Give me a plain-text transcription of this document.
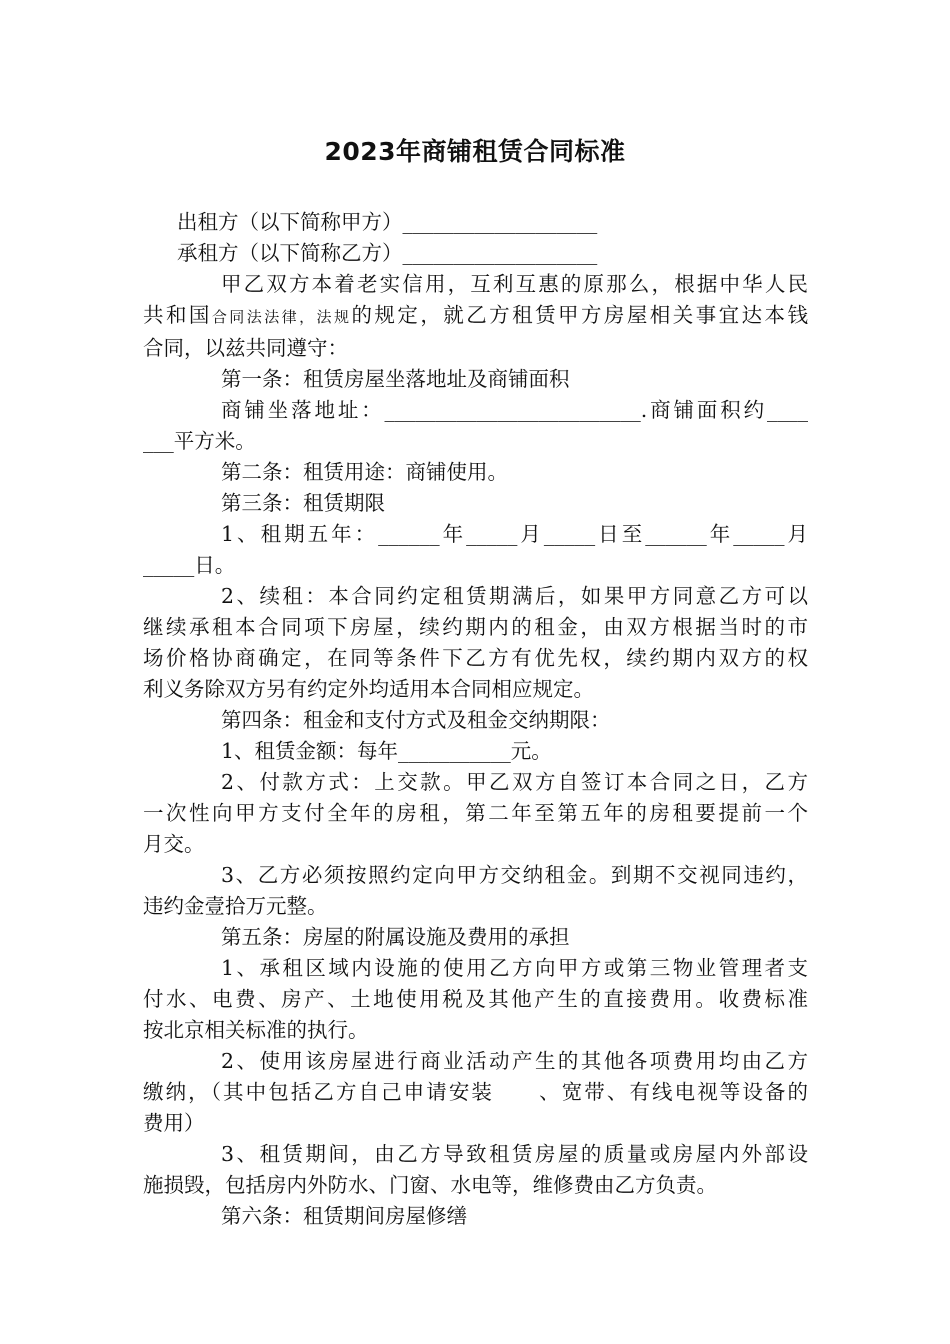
2023年商铺租赁合同标准
出租方（以下简称甲方）___________________
承租方（以下简称乙方）___________________
甲乙双方本着老实信用，互利互惠的原那么，根据中华人民
共和国合同法法律，法规的规定，就乙方租赁甲方房屋相关事宜达本钱
合同，以兹共同遵守：
第一条：租赁房屋坐落地址及商铺面积
商铺坐落地址：_________________________.商铺面积约____
___平方米。
第二条：租赁用途：商铺使用。
第三条：租赁期限
1、租期五年：______年_____月_____日至______年_____月
_____日。
2、续租：本合同约定租赁期满后，如果甲方同意乙方可以
继续承租本合同项下房屋，续约期内的租金，由双方根据当时的市
场价格协商确定，在同等条件下乙方有优先权，续约期内双方的权
利义务除双方另有约定外均适用本合同相应规定。
第四条：租金和支付方式及租金交纳期限：
1、租赁金额：每年___________元。
2、付款方式：上交款。甲乙双方自签订本合同之日，乙方
一次性向甲方支付全年的房租，第二年至第五年的房租要提前一个
月交。
3、乙方必须按照约定向甲方交纳租金。到期不交视同违约，
违约金壹拾万元整。
第五条：房屋的附属设施及费用的承担
1、承租区域内设施的使用乙方向甲方或第三物业管理者支
付水、电费、房产、土地使用税及其他产生的直接费用。收费标准
按北京相关标准的执行。
2、使用该房屋进行商业活动产生的其他各项费用均由乙方
缴纳，（其中包括乙方自己申请安装　　、宽带、有线电视等设备的
费用）
3、租赁期间，由乙方导致租赁房屋的质量或房屋内外部设
施损毁，包括房内外防水、门窗、水电等，维修费由乙方负责。
第六条：租赁期间房屋修缮
